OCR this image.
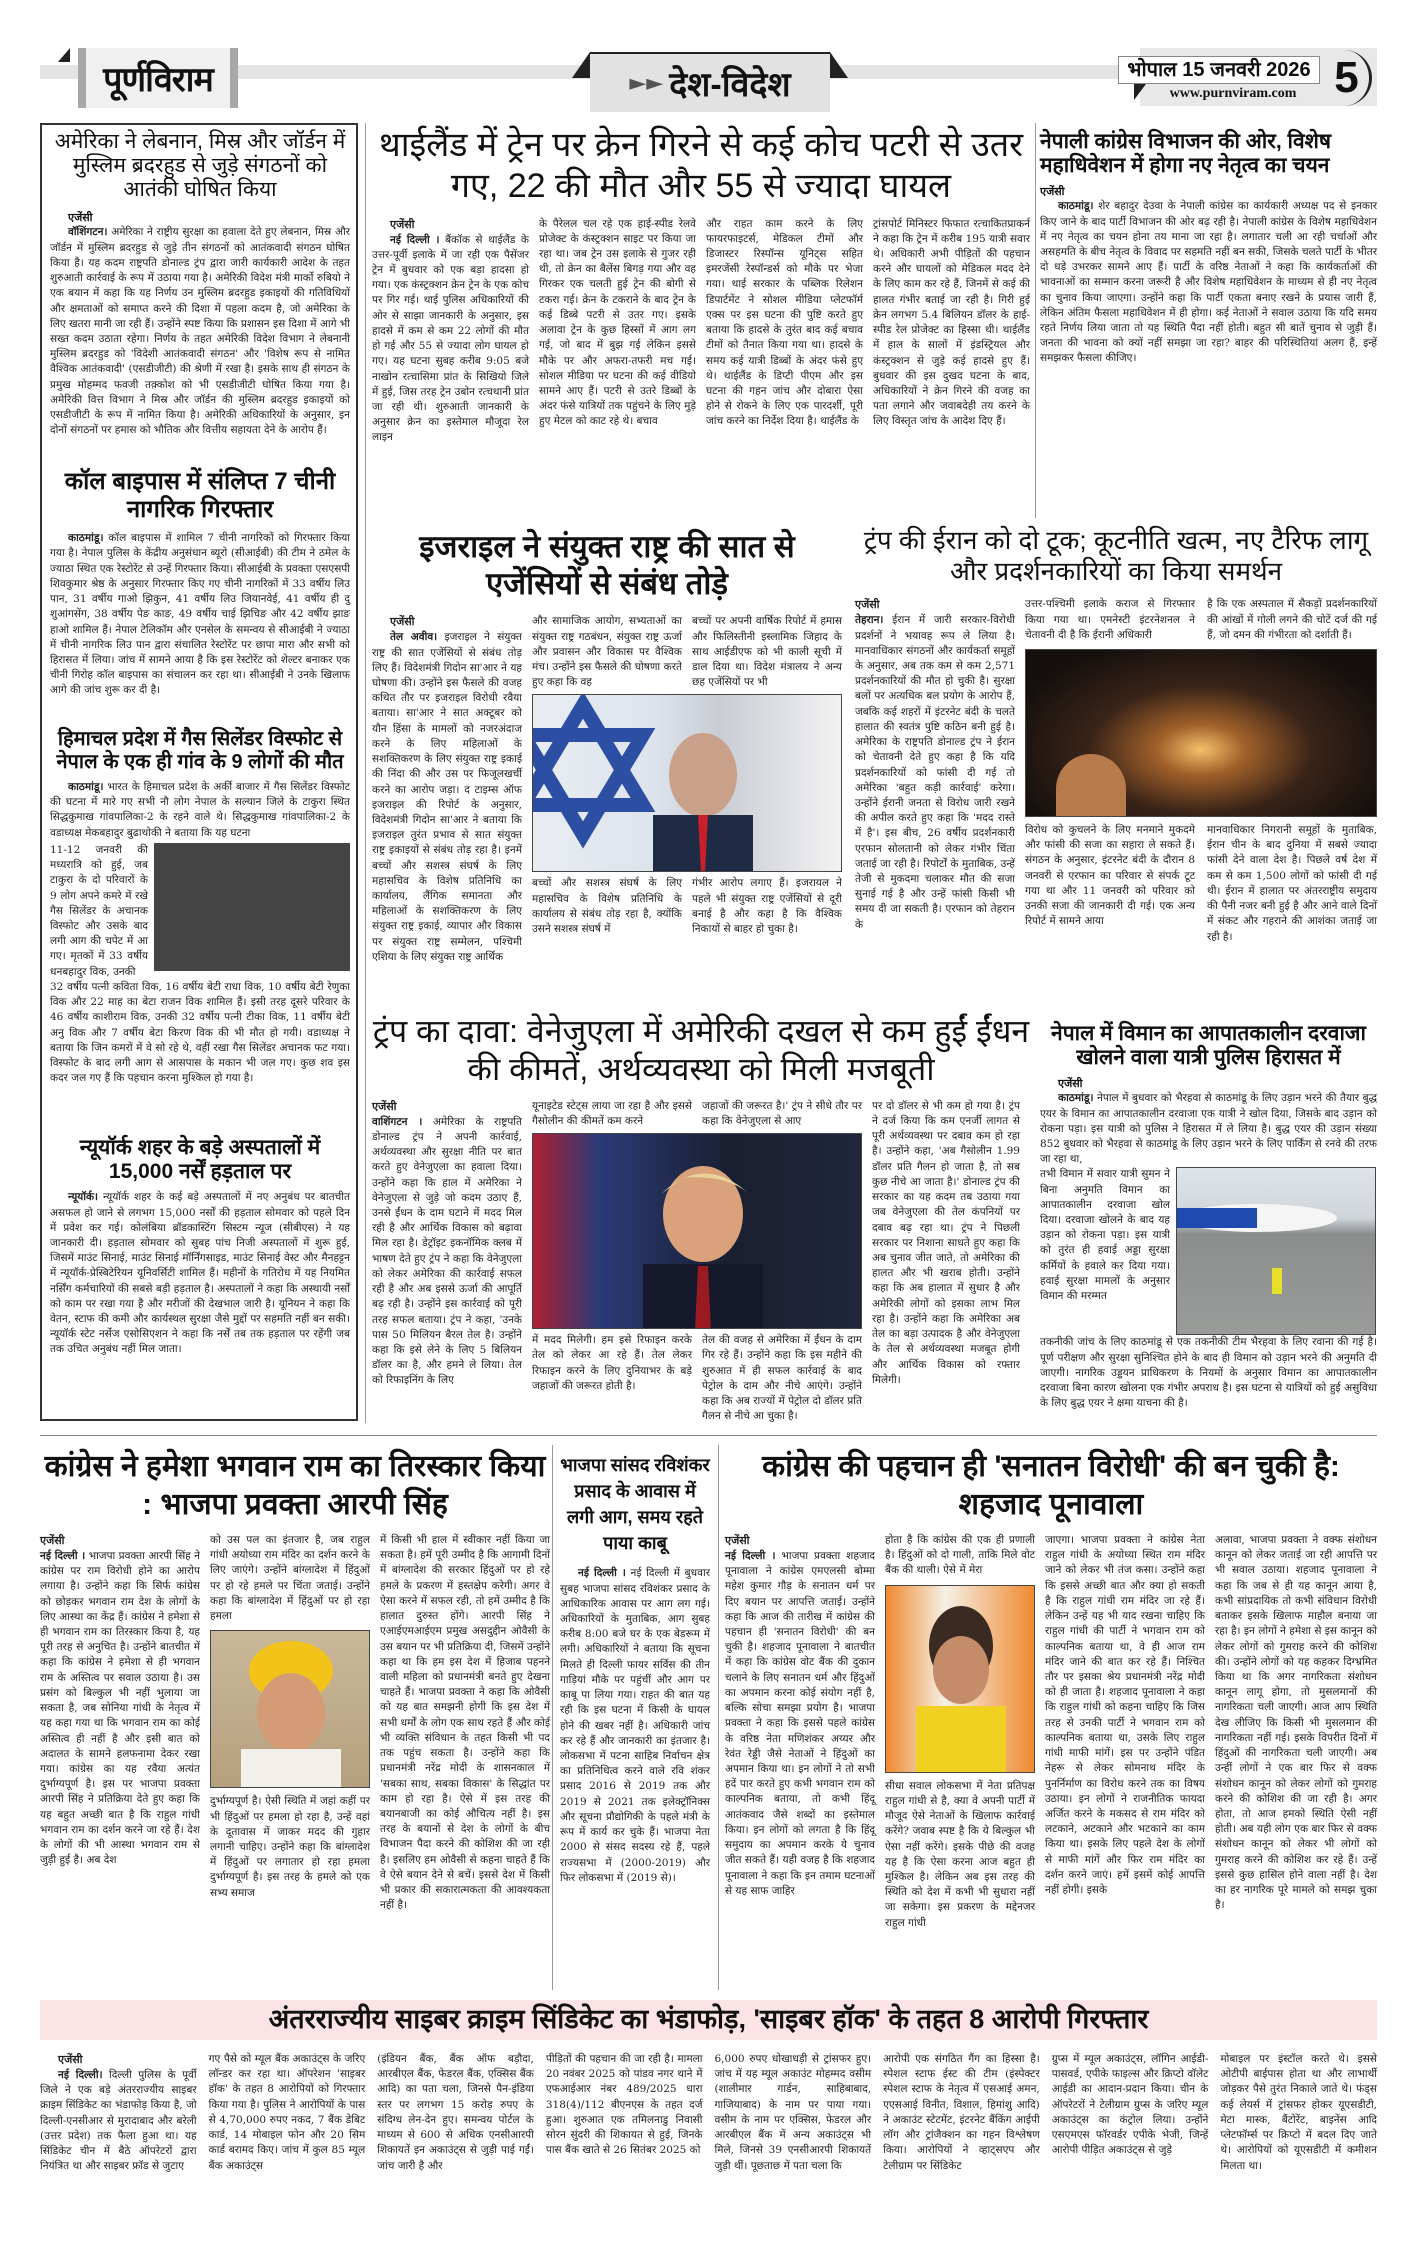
पूर्णविराम	►► देश-विदेश	भोपाल 15 जनवरी 2026
www.purnviram.com 5
अमेरिका ने लेबनान, मिस्र और जॉर्डन में मुस्लिम ब्रदरहुड से जुड़े संगठनों को आतंकी घोषित किया
एजेंसी
वॉशिंगटन। अमेरिका ने राष्ट्रीय सुरक्षा का हवाला देते हुए लेबनान, मिस्र और जॉर्डन में मुस्लिम ब्रदरहुड से जुड़े तीन संगठनों को आतंकवादी संगठन घोषित किया है। यह कदम राष्ट्रपति डोनाल्ड ट्रंप द्वारा जारी कार्यकारी आदेश के तहत शुरुआती कार्रवाई के रूप में उठाया गया है। अमेरिकी विदेश मंत्री मार्को रुबियो ने एक बयान में कहा कि यह निर्णय उन मुस्लिम ब्रदरहुड इकाइयों की गतिविधियों और क्षमताओं को समाप्त करने की दिशा में पहला कदम है, जो अमेरिका के लिए खतरा मानी जा रही हैं। उन्होंने स्पष्ट किया कि प्रशासन इस दिशा में आगे भी सख्त कदम उठाता रहेगा। निर्णय के तहत अमेरिकी विदेश विभाग ने लेबनानी मुस्लिम ब्रदरहुड को 'विदेशी आतंकवादी संगठन' और 'विशेष रूप से नामित वैश्विक आतंकवादी' (एसडीजीटी) की श्रेणी में रखा है। इसके साथ ही संगठन के प्रमुख मोहम्मद फवजी तक़्कोश को भी एसडीजीटी घोषित किया गया है। अमेरिकी वित्त विभाग ने मिस्र और जॉर्डन की मुस्लिम ब्रदरहुड इकाइयों को एसडीजीटी के रूप में नामित किया है। अमेरिकी अधिकारियों के अनुसार, इन दोनों संगठनों पर हमास को भौतिक और वित्तीय सहायता देने के आरोप हैं।
कॉल बाइपास में संलिप्त 7 चीनी नागरिक गिरफ्तार
काठमांडू। कॉल बाइपास में शामिल 7 चीनी नागरिकों को गिरफ्तार किया गया है। नेपाल पुलिस के केंद्रीय अनुसंधान ब्यूरो (सीआईबी) की टीम ने ठमेल के ज्याठा स्थित एक रेस्टोरेंट से उन्हें गिरफ्तार किया। सीआईबी के प्रवक्ता एसएसपी शिवकुमार श्रेष्ठ के अनुसार गिरफ्तार किए गए चीनी नागरिकों में 33 वर्षीय लिउ पान, 31 वर्षीय गाओ झिकुन, 41 वर्षीय लिउ जियानवेई, 41 वर्षीय ही दु शुआंगसेंग, 38 वर्षीय पेङ काङ, 49 वर्षीय चाई झिचिङ और 42 वर्षीय झाङ हाओ शामिल हैं। नेपाल टेलिकॉम और एनसेल के समन्वय से सीआईबी ने ज्याठा में चीनी नागरिक लिउ पान द्वारा संचालित रेस्टोरेंट पर छापा मारा और सभी को हिरासत में लिया। जांच में सामने आया है कि इस रेस्टोरेंट को शेल्टर बनाकर एक चीनी गिरोह कॉल बाइपास का संचालन कर रहा था। सीआईबी ने उनके खिलाफ आगे की जांच शुरू कर दी है।
हिमाचल प्रदेश में गैस सिलेंडर विस्फोट से नेपाल के एक ही गांव के 9 लोगों की मौत
काठमांडू। भारत के हिमाचल प्रदेश के अर्की बाजार में गैस सिलेंडर विस्फोट की घटना में मारे गए सभी नौ लोग नेपाल के सल्यान जिले के टाकुरा स्थित सिद्धकुमाख गांवपालिका-2 के रहने वाले थे। सिद्धकुमाख गांवपालिका-2 के वडाध्यक्ष मेकबहादुर बुढाथोकी ने बताया कि यह घटना
11-12 जनवरी की मध्यरात्रि को हुई, जब टाकुरा के दो परिवारों के 9 लोग अपने कमरे में रखे गैस सिलेंडर के अचानक विस्फोट और उसके बाद लगी आग की चपेट में आ गए। मृतकों में 33 वर्षीय धनबहादुर विक, उनकी
32 वर्षीय पत्नी कविता विक, 16 वर्षीय बेटी राधा विक, 10 वर्षीय बेटी रेणुका विक और 22 माह का बेटा राजन विक शामिल हैं। इसी तरह दूसरे परिवार के 46 वर्षीय काशीराम विक, उनकी 32 वर्षीय पत्नी टीका विक, 11 वर्षीय बेटी अनु विक और 7 वर्षीय बेटा किरण विक की भी मौत हो गयी। वडाध्यक्ष ने बताया कि जिन कमरों में वे सो रहे थे, वहीं रखा गैस सिलेंडर अचानक फट गया। विस्फोट के बाद लगी आग से आसपास के मकान भी जल गए। कुछ शव इस कदर जल गए हैं कि पहचान करना मुश्किल हो गया है।
न्यूयॉर्क शहर के बड़े अस्पतालों में 15,000 नर्सें हड़ताल पर
न्यूयॉर्क। न्यूयॉर्क शहर के कई बड़े अस्पतालों में नए अनुबंध पर बातचीत असफल हो जाने से लगभग 15,000 नर्सों की हड़ताल सोमवार को पहले दिन में प्रवेश कर गई। कोलंबिया ब्रॉडकास्टिंग सिस्टम न्यूज (सीबीएस) ने यह जानकारी दी। हड़ताल सोमवार को सुबह पांच निजी अस्पतालों में शुरू हुई, जिसमें माउंट सिनाई, माउंट सिनाई मॉर्निंगसाइड, माउंट सिनाई वेस्ट और मैनहट्टन में न्यूयॉर्क-प्रेस्बिटेरियन यूनिवर्सिटी शामिल हैं। महीनों के गतिरोध में यह नियमित नर्सिंग कर्मचारियों की सबसे बड़ी हड़ताल है। अस्पतालों ने कहा कि अस्थायी नर्सों को काम पर रखा गया है और मरीजों की देखभाल जारी है। यूनियन ने कहा कि वेतन, स्टाफ की कमी और कार्यस्थल सुरक्षा जैसे मुद्दों पर सहमति नहीं बन सकी। न्यूयॉर्क स्टेट नर्सेज एसोसिएशन ने कहा कि नर्सें तब तक हड़ताल पर रहेंगी जब तक उचित अनुबंध नहीं मिल जाता।
थाईलैंड में ट्रेन पर क्रेन गिरने से कई कोच पटरी से उतर गए, 22 की मौत और 55 से ज्यादा घायल
एजेंसी
नई दिल्ली । बैंकॉक से थाईलैंड के उत्तर-पूर्वी इलाके में जा रही एक पैसेंजर ट्रेन में बुधवार को एक बड़ा हादसा हो गया। एक कंस्ट्रक्शन क्रेन ट्रेन के एक कोच पर गिर गई। थाई पुलिस अधिकारियों की ओर से साझा जानकारी के अनुसार, इस हादसे में कम से कम 22 लोगों की मौत हो गई और 55 से ज्यादा लोग घायल हो गए। यह घटना सुबह करीब 9:05 बजे नाखोन रत्चासिमा प्रांत के सिखियो जिले में हुई, जिस तरह ट्रेन उबोन रत्चथानी प्रांत जा रही थी। शुरुआती जानकारी के अनुसार क्रेन का इस्तेमाल मौजूदा रेल लाइन
के पैरेलल चल रहे एक हाई-स्पीड रेलवे प्रोजेक्ट के कंस्ट्रक्शन साइट पर किया जा रहा था। जब ट्रेन उस इलाके से गुजर रही थी, तो क्रेन का बैलेंस बिगड़ गया और वह गिरकर एक चलती हुई ट्रेन की बोगी से टकरा गई। क्रेन के टकराने के बाद ट्रेन के कई डिब्बे पटरी से उतर गए। इसके अलावा ट्रेन के कुछ हिस्सों में आग लग गई, जो बाद में बुझ गई लेकिन इससे मौके पर और अफरा-तफरी मच गई। सोशल मीडिया पर घटना की कई वीडियो सामने आए हैं। पटरी से उतरे डिब्बों के अंदर फंसे यात्रियों तक पहुंचने के लिए मुड़े हुए मेटल को काट रहे थे। बचाव
और राहत काम करने के लिए फायरफाइटर्स, मेडिकल टीमों और डिजास्टर रिस्पॉन्स यूनिट्स सहित इमरजेंसी रेस्पॉन्डर्स को मौके पर भेजा गया। थाई सरकार के पब्लिक रिलेशन डिपार्टमेंट ने सोशल मीडिया प्लेटफॉर्म एक्स पर इस घटना की पुष्टि करते हुए बताया कि हादसे के तुरंत बाद कई बचाव टीमों को तैनात किया गया था। हादसे के समय कई यात्री डिब्बों के अंदर फंसे हुए थे। थाईलैंड के डिप्टी पीएम और इस घटना की गहन जांच और दोबारा ऐसा होने से रोकने के लिए एक पारदर्शी, पूरी जांच करने का निर्देश दिया है। थाईलैंड के
ट्रांसपोर्ट मिनिस्टर फिफात रत्चाकितप्राकर्न ने कहा कि ट्रेन में करीब 195 यात्री सवार थे। अधिकारी अभी पीड़ितों की पहचान करने और घायलों को मेडिकल मदद देने के लिए काम कर रहे हैं, जिनमें से कई की हालत गंभीर बताई जा रही है। गिरी हुई क्रेन लगभग 5.4 बिलियन डॉलर के हाई-स्पीड रेल प्रोजेक्ट का हिस्सा थी। थाईलैंड में हाल के सालों में इंडस्ट्रियल और कंस्ट्रक्शन से जुड़े कई हादसे हुए हैं। बुधवार की इस दुखद घटना के बाद, अधिकारियों ने क्रेन गिरने की वजह का पता लगाने और जवाबदेही तय करने के लिए विस्तृत जांच के आदेश दिए हैं।
नेपाली कांग्रेस विभाजन की ओर, विशेष महाधिवेशन में होगा नए नेतृत्व का चयन
एजेंसी
काठमांडू। शेर बहादुर देउवा के नेपाली कांग्रेस का कार्यकारी अध्यक्ष पद से इनकार किए जाने के बाद पार्टी विभाजन की ओर बढ़ रही है। नेपाली कांग्रेस के विशेष महाधिवेशन में नए नेतृत्व का चयन होना तय माना जा रहा है। लगातार चली आ रही चर्चाओं और असहमति के बीच नेतृत्व के विवाद पर सहमति नहीं बन सकी, जिसके चलते पार्टी के भीतर दो धड़े उभरकर सामने आए हैं। पार्टी के वरिष्ठ नेताओं ने कहा कि कार्यकर्ताओं की भावनाओं का सम्मान करना जरूरी है और विशेष महाधिवेशन के माध्यम से ही नए नेतृत्व का चुनाव किया जाएगा। उन्होंने कहा कि पार्टी एकता बनाए रखने के प्रयास जारी हैं, लेकिन अंतिम फैसला महाधिवेशन में ही होगा। कई नेताओं ने सवाल उठाया कि यदि समय रहते निर्णय लिया जाता तो यह स्थिति पैदा नहीं होती। बहुत सी बातें चुनाव से जुड़ी हैं। जनता की भावना को क्यों नहीं समझा जा रहा? बाहर की परिस्थितियां अलग हैं, इन्हें समझकर फैसला कीजिए।
इजराइल ने संयुक्त राष्ट्र की सात से एजेंसियों से संबंध तोड़े
एजेंसी
तेल अवीव। इजराइल ने संयुक्त राष्ट्र की सात एजेंसियों से संबंध तोड़ लिए हैं। विदेशमंत्री गिदोन सा'आर ने यह घोषणा की। उन्होंने इस फैसले की वजह कथित तौर पर इजराइल विरोधी रवैया बताया। सा'आर ने सात अक्टूबर को यौन हिंसा के मामलों को नजरअंदाज करने के लिए महिलाओं के सशक्तिकरण के लिए संयुक्त राष्ट्र इकाई की निंदा की और उस पर फिजूलखर्ची करने का आरोप जड़ा। द टाइम्स ऑफ इजराइल की रिपोर्ट के अनुसार, विदेशमंत्री गिदोन सा'आर ने बताया कि इजराइल तुरंत प्रभाव से सात संयुक्त राष्ट्र इकाइयों से संबंध तोड़ रहा है। इनमें बच्चों और सशस्त्र संघर्ष के लिए महासचिव के विशेष प्रतिनिधि का कार्यालय, लैंगिक समानता और महिलाओं के सशक्तिकरण के लिए संयुक्त राष्ट्र इकाई, व्यापार और विकास पर संयुक्त राष्ट्र सम्मेलन, पश्चिमी एशिया के लिए संयुक्त राष्ट्र आर्थिक
और सामाजिक आयोग, सभ्यताओं का संयुक्त राष्ट्र गठबंधन, संयुक्त राष्ट्र ऊर्जा और प्रवासन और विकास पर वैश्विक मंच। उन्होंने इस फैसले की घोषणा करते हुए कहा कि वह
बच्चों पर अपनी वार्षिक रिपोर्ट में हमास और फिलिस्तीनी इस्लामिक जिहाद के साथ आईडीएफ को भी काली सूची में डाल दिया था। विदेश मंत्रालय ने अन्य छह एजेंसियों पर भी
बच्चों और सशस्त्र संघर्ष के लिए महासचिव के विशेष प्रतिनिधि के कार्यालय से संबंध तोड़ रहा है, क्योंकि उसने सशस्त्र संघर्ष में
गंभीर आरोप लगाए हैं। इजरायल ने पहले भी संयुक्त राष्ट्र एजेंसियों से दूरी बनाई है और कहा है कि वैश्विक निकायों से बाहर हो चुका है।
ट्रंप की ईरान को दो टूक; कूटनीति खत्म, नए टैरिफ लागू और प्रदर्शनकारियों का किया समर्थन
एजेंसी
तेहरान। ईरान में जारी सरकार-विरोधी प्रदर्शनों ने भयावह रूप ले लिया है। मानवाधिकार संगठनों और कार्यकर्ता समूहों के अनुसार, अब तक कम से कम 2,571 प्रदर्शनकारियों की मौत हो चुकी है। सुरक्षा बलों पर अत्यधिक बल प्रयोग के आरोप हैं, जबकि कई शहरों में इंटरनेट बंदी के चलते हालात की स्वतंत्र पुष्टि कठिन बनी हुई है। अमेरिका के राष्ट्रपति डोनाल्ड ट्रंप ने ईरान को चेतावनी देते हुए कहा है कि यदि प्रदर्शनकारियों को फांसी दी गई तो अमेरिका 'बहुत कड़ी कार्रवाई' करेगा। उन्होंने ईरानी जनता से विरोध जारी रखने की अपील करते हुए कहा कि 'मदद रास्ते में है'। इस बीच, 26 वर्षीय प्रदर्शनकारी एरफान सोलतानी को लेकर गंभीर चिंता जताई जा रही है। रिपोर्टों के मुताबिक, उन्हें तेजी से मुकदमा चलाकर मौत की सजा सुनाई गई है और उन्हें फांसी किसी भी समय दी जा सकती है। एरफान को तेहरान के
उत्तर-पश्चिमी इलाके कराज से गिरफ्तार किया गया था। एमनेस्टी इंटरनेशनल ने चेतावनी दी है कि ईरानी अधिकारी
है कि एक अस्पताल में सैकड़ों प्रदर्शनकारियों की आंखों में गोली लगने की चोटें दर्ज की गई हैं, जो दमन की गंभीरता को दर्शाती हैं।
विरोध को कुचलने के लिए मनमाने मुकदमे और फांसी की सजा का सहारा ले सकते हैं। संगठन के अनुसार, इंटरनेट बंदी के दौरान 8 जनवरी से एरफान का परिवार से संपर्क टूट गया था और 11 जनवरी को परिवार को उनकी सजा की जानकारी दी गई। एक अन्य रिपोर्ट में सामने आया
मानवाधिकार निगरानी समूहों के मुताबिक, ईरान चीन के बाद दुनिया में सबसे ज्यादा फांसी देने वाला देश है। पिछले वर्ष देश में कम से कम 1,500 लोगों को फांसी दी गई थी। ईरान में हालात पर अंतरराष्ट्रीय समुदाय की पैनी नजर बनी हुई है और आने वाले दिनों में संकट और गहराने की आशंका जताई जा रही है।
ट्रंप का दावा: वेनेजुएला में अमेरिकी दखल से कम हुईं ईंधन की कीमतें, अर्थव्यवस्था को मिली मजबूती
एजेंसी
वाशिंगटन । अमेरिका के राष्ट्रपति डोनाल्ड ट्रंप ने अपनी कार्रवाई, अर्थव्यवस्था और सुरक्षा नीति पर बात करते हुए वेनेजुएला का हवाला दिया। उन्होंने कहा कि हाल में अमेरिका ने वेनेजुएला से जुड़े जो कदम उठाए हैं, उनसे ईंधन के दाम घटाने में मदद मिल रही है और आर्थिक विकास को बढ़ावा मिल रहा है। डेट्रॉइट इकनॉमिक क्लब में भाषण देते हुए ट्रंप ने कहा कि वेनेजुएला को लेकर अमेरिका की कार्रवाई सफल रही है और अब इससे ऊर्जा की आपूर्ति बढ़ रही है। उन्होंने इस कार्रवाई को पूरी तरह सफल बताया। ट्रंप ने कहा, 'उनके पास 50 मिलियन बैरल तेल है। उन्होंने कहा कि इसे लेने के लिए 5 बिलियन डॉलर का है, और हमने ले लिया। तेल को रिफाइनिंग के लिए
यूनाइटेड स्टेट्स लाया जा रहा है और इससे गैसोलीन की कीमतें कम करने
जहाजों की जरूरत है।' ट्रंप ने सीधे तौर पर कहा कि वेनेजुएला से आए
में मदद मिलेगी। हम इसे रिफाइन करके तेल को लेकर आ रहे हैं। तेल लेकर रिफाइन करने के लिए दुनियाभर के बड़े जहाजों की जरूरत होती है।
तेल की वजह से अमेरिका में ईंधन के दाम गिर रहे हैं। उन्होंने कहा कि इस महीने की शुरुआत में ही सफल कार्रवाई के बाद पेट्रोल के दाम और नीचे आएंगे। उन्होंने कहा कि अब राज्यों में पेट्रोल दो डॉलर प्रति गैलन से नीचे आ चुका है।
पर दो डॉलर से भी कम हो गया है। ट्रंप ने दर्ज किया कि कम एनर्जी लागत से पूरी अर्थव्यवस्था पर दबाव कम हो रहा है। उन्होंने कहा, 'अब गैसोलीन 1.99 डॉलर प्रति गैलन हो जाता है, तो सब कुछ नीचे आ जाता है।' डोनाल्ड ट्रंप की सरकार का यह कदम तब उठाया गया जब वेनेजुएला की तेल कंपनियों पर दबाव बढ़ रहा था। ट्रंप ने पिछली सरकार पर निशाना साधते हुए कहा कि अब चुनाव जीत जाते, तो अमेरिका की हालत और भी खराब होती। उन्होंने कहा कि अब हालात में सुधार है और अमेरिकी लोगों को इसका लाभ मिल रहा है। उन्होंने कहा कि अमेरिका अब तेल का बड़ा उत्पादक है और वेनेजुएला के तेल से अर्थव्यवस्था मजबूत होगी और आर्थिक विकास को रफ्तार मिलेगी।
नेपाल में विमान का आपातकालीन दरवाजा खोलने वाला यात्री पुलिस हिरासत में
एजेंसी
काठमांडू। नेपाल में बुधवार को भैरहवा से काठमांडू के लिए उड़ान भरने की तैयार बुद्ध एयर के विमान का आपातकालीन दरवाजा एक यात्री ने खोल दिया, जिसके बाद उड़ान को रोकना पड़ा। इस यात्री को पुलिस ने हिरासत में ले लिया है। बुद्ध एयर की उड़ान संख्या 852 बुधवार को भैरहवा से काठमांडू के लिए उड़ान भरने के लिए पार्किंग से रनवे की तरफ जा रहा था,
तभी विमान में सवार यात्री सुमन ने बिना अनुमति विमान का आपातकालीन दरवाजा खोल दिया। दरवाजा खोलने के बाद यह उड़ान को रोकना पड़ा। इस यात्री को तुरंत ही हवाई अड्डा सुरक्षा कर्मियों के हवाले कर दिया गया। हवाई सुरक्षा मामलों के अनुसार विमान की मरम्मत
तकनीकी जांच के लिए काठमांडू से एक तकनीकी टीम भैरहवा के लिए रवाना की गई है। पूर्ण परीक्षण और सुरक्षा सुनिश्चित होने के बाद ही विमान को उड़ान भरने की अनुमति दी जाएगी। नागरिक उड्डयन प्राधिकरण के नियमों के अनुसार विमान का आपातकालीन दरवाजा बिना कारण खोलना एक गंभीर अपराध है। इस घटना से यात्रियों को हुई असुविधा के लिए बुद्ध एयर ने क्षमा याचना की है।
कांग्रेस ने हमेशा भगवान राम का तिरस्कार किया : भाजपा प्रवक्ता आरपी सिंह
एजेंसी
नई दिल्ली । भाजपा प्रवक्ता आरपी सिंह ने कांग्रेस पर राम विरोधी होने का आरोप लगाया है। उन्होंने कहा कि सिर्फ कांग्रेस को छोड़कर भगवान राम देश के लोगों के लिए आस्था का केंद्र हैं। कांग्रेस ने हमेशा से ही भगवान राम का तिरस्कार किया है, यह पूरी तरह से अनुचित है। उन्होंने बातचीत में कहा कि कांग्रेस ने हमेशा से ही भगवान राम के अस्तित्व पर सवाल उठाया है। उस प्रसंग को बिल्कुल भी नहीं भुलाया जा सकता है, जब सोनिया गांधी के नेतृत्व में यह कहा गया था कि भगवान राम का कोई अस्तित्व ही नहीं है और इसी बात को अदालत के सामने हलफनामा देकर रखा गया। कांग्रेस का यह रवैया अत्यंत दुर्भाग्यपूर्ण है। इस पर भाजपा प्रवक्ता आरपी सिंह ने प्रतिक्रिया देते हुए कहा कि यह बहुत अच्छी बात है कि राहुल गांधी भगवान राम का दर्शन करने जा रहे हैं। देश के लोगों की भी आस्था भगवान राम से जुड़ी हुई है। अब देश
को उस पल का इंतजार है, जब राहुल गांधी अयोध्या राम मंदिर का दर्शन करने के लिए जाएंगे। उन्होंने बांग्लादेश में हिंदुओं पर हो रहे हमले पर चिंता जताई। उन्होंने कहा कि बांग्लादेश में हिंदुओं पर हो रहा हमला
दुर्भाग्यपूर्ण है। ऐसी स्थिति में जहां कहीं पर भी हिंदुओं पर हमला हो रहा है, उन्हें वहां के दूतावास में जाकर मदद की गुहार लगानी चाहिए। उन्होंने कहा कि बांग्लादेश में हिंदुओं पर लगातार हो रहा हमला दुर्भाग्यपूर्ण है। इस तरह के हमले को एक सभ्य समाज
में किसी भी हाल में स्वीकार नहीं किया जा सकता है। हमें पूरी उम्मीद है कि आगामी दिनों में बांग्लादेश की सरकार हिंदुओं पर हो रहे हमले के प्रकरण में हस्तक्षेप करेगी। अगर वे ऐसा करने में सफल रही, तो हमें उम्मीद है कि हालात दुरुस्त होंगे। आरपी सिंह ने एआईएमआईएम प्रमुख असदुद्दीन ओवैसी के उस बयान पर भी प्रतिक्रिया दी, जिसमें उन्होंने कहा था कि हम इस देश में हिजाब पहनने वाली महिला को प्रधानमंत्री बनते हुए देखना चाहते हैं। भाजपा प्रवक्ता ने कहा कि ओवैसी को यह बात समझनी होगी कि इस देश में सभी धर्मों के लोग एक साथ रहते हैं और कोई भी व्यक्ति संविधान के तहत किसी भी पद तक पहुंच सकता है। उन्होंने कहा कि प्रधानमंत्री नरेंद्र मोदी के शासनकाल में 'सबका साथ, सबका विकास' के सिद्धांत पर काम हो रहा है। ऐसे में इस तरह की बयानबाजी का कोई औचित्य नहीं है। इस तरह के बयानों से देश के लोगों के बीच विभाजन पैदा करने की कोशिश की जा रही है। इसलिए हम ओवैसी से कहना चाहते हैं कि वे ऐसे बयान देने से बचें। इससे देश में किसी भी प्रकार की सकारात्मकता की आवश्यकता नहीं है।
भाजपा सांसद रविशंकर प्रसाद के आवास में लगी आग, समय रहते पाया काबू
नई दिल्ली । नई दिल्ली में बुधवार सुबह भाजपा सांसद रविशंकर प्रसाद के आधिकारिक आवास पर आग लग गई। अधिकारियों के मुताबिक, आग सुबह करीब 8:00 बजे घर के एक बेडरूम में लगी। अधिकारियों ने बताया कि सूचना मिलते ही दिल्ली फायर सर्विस की तीन गाड़ियां मौके पर पहुंचीं और आग पर काबू पा लिया गया। राहत की बात यह रही कि इस घटना में किसी के घायल होने की खबर नहीं है। अधिकारी जांच कर रहे हैं और जानकारी का इंतजार है। लोकसभा में पटना साहिब निर्वाचन क्षेत्र का प्रतिनिधित्व करने वाले रवि शंकर प्रसाद 2016 से 2019 तक और 2019 से 2021 तक इलेक्ट्रॉनिक्स और सूचना प्रौद्योगिकी के पहले मंत्री के रूप में कार्य कर चुके हैं। भाजपा नेता 2000 से संसद सदस्य रहे हैं, पहले राज्यसभा में (2000-2019) और फिर लोकसभा में (2019 से)।
कांग्रेस की पहचान ही 'सनातन विरोधी' की बन चुकी है: शहजाद पूनावाला
एजेंसी
नई दिल्ली । भाजपा प्रवक्ता शहजाद पूनावाला ने कांग्रेस एमएलसी बोम्मा महेश कुमार गौड़ के सनातन धर्म पर दिए बयान पर आपत्ति जताई। उन्होंने कहा कि आज की तारीख में कांग्रेस की पहचान ही 'सनातन विरोधी' की बन चुकी है। शहजाद पूनावाला ने बातचीत में कहा कि कांग्रेस वोट बैंक की दुकान चलाने के लिए सनातन धर्म और हिंदुओं का अपमान करना कोई संयोग नहीं है, बल्कि सोचा समझा प्रयोग है। भाजपा प्रवक्ता ने कहा कि इससे पहले कांग्रेस के वरिष्ठ नेता मणिशंकर अय्यर और रेवंत रेड्डी जैसे नेताओं ने हिंदुओं का अपमान किया था। इन लोगों ने तो सभी हदें पार करते हुए कभी भगवान राम को काल्पनिक बताया, तो कभी हिंदू आतंकवाद जैसे शब्दों का इस्तेमाल किया। इन लोगों को लगता है कि हिंदू समुदाय का अपमान करके ये चुनाव जीत सकते हैं। यही वजह है कि शहजाद पूनावाला ने कहा कि इन तमाम घटनाओं से यह साफ जाहिर
होता है कि कांग्रेस की एक ही प्रणाली है। हिंदुओं को दो गाली, ताकि मिले वोट बैंक की थाली। ऐसे में मेरा
सीधा सवाल लोकसभा में नेता प्रतिपक्ष राहुल गांधी से है, क्या वे अपनी पार्टी में मौजूद ऐसे नेताओं के खिलाफ कार्रवाई करेंगे? जवाब स्पष्ट है कि ये बिल्कुल भी ऐसा नहीं करेंगे। इसके पीछे की वजह यह है कि ऐसा करना आज बहुत ही मुश्किल है। लेकिन अब इस तरह की स्थिति को देश में कभी भी सुधारा नहीं जा सकेगा। इस प्रकरण के मद्देनजर राहुल गांधी
जाएगा। भाजपा प्रवक्ता ने कांग्रेस नेता राहुल गांधी के अयोध्या स्थित राम मंदिर जाने को लेकर भी तंज कसा। उन्होंने कहा कि इससे अच्छी बात और क्या हो सकती है कि राहुल गांधी राम मंदिर जा रहे हैं। लेकिन उन्हें यह भी याद रखना चाहिए कि राहुल गांधी की पार्टी ने भगवान राम को काल्पनिक बताया था, वे ही आज राम मंदिर जाने की बात कर रहे हैं। निश्चित तौर पर इसका श्रेय प्रधानमंत्री नरेंद्र मोदी को ही जाता है। शहजाद पूनावाला ने कहा कि राहुल गांधी को कहना चाहिए कि जिस तरह से उनकी पार्टी ने भगवान राम को काल्पनिक बताया था, उसके लिए राहुल गांधी माफी मांगें। इस पर उन्होंने पंडित नेहरू से लेकर सोमनाथ मंदिर के पुनर्निर्माण का विरोध करने तक का विषय उठाया। इन लोगों ने राजनीतिक फायदा अर्जित करने के मकसद से राम मंदिर को लटकाने, अटकाने और भटकाने का काम किया था। इसके लिए पहले देश के लोगों से माफी मांगें और फिर राम मंदिर का दर्शन करने जाएं। हमें इसमें कोई आपत्ति नहीं होगी। इसके
अलावा, भाजपा प्रवक्ता ने वक्फ संशोधन कानून को लेकर जताई जा रही आपत्ति पर भी सवाल उठाया। शहजाद पूनावाला ने कहा कि जब से ही यह कानून आया है, कभी सांप्रदायिक तो कभी संविधान विरोधी बताकर इसके खिलाफ माहौल बनाया जा रहा है। इन लोगों ने हमेशा से इस कानून को लेकर लोगों को गुमराह करने की कोशिश की। उन्होंने लोगों को यह कहकर दिग्भ्रमित किया था कि अगर नागरिकता संशोधन कानून लागू होगा, तो मुसलमानों की नागरिकता चली जाएगी। आज आप स्थिति देख लीजिए कि किसी भी मुसलमान की नागरिकता नहीं गई। इसके विपरीत दिनों में हिंदुओं की नागरिकता चली जाएगी। अब उन्हीं लोगों ने एक बार फिर से वक्फ संशोधन कानून को लेकर लोगों को गुमराह करने की कोशिश की जा रही है। अगर होता, तो आज हमको स्थिति ऐसी नहीं होती। अब यही लोग एक बार फिर से वक्फ संशोधन कानून को लेकर भी लोगों को गुमराह करने की कोशिश कर रहे हैं। उन्हें इससे कुछ हासिल होने वाला नहीं है। देश का हर नागरिक पूरे मामले को समझ चुका है।
अंतरराज्यीय साइबर क्राइम सिंडिकेट का भंडाफोड़, 'साइबर हॉक' के तहत 8 आरोपी गिरफ्तार
एजेंसी
नई दिल्ली। दिल्ली पुलिस के पूर्वी जिले ने एक बड़े अंतरराज्यीय साइबर क्राइम सिंडिकेट का भंडाफोड़ किया है, जो दिल्ली-एनसीआर से मुरादाबाद और बरेली (उत्तर प्रदेश) तक फैला हुआ था। यह सिंडिकेट चीन में बैठे ऑपरेटरों द्वारा नियंत्रित था और साइबर फ्रॉड से जुटाए
गए पैसे को म्यूल बैंक अकाउंट्स के जरिए लॉन्डर कर रहा था। ऑपरेशन 'साइबर हॉक' के तहत 8 आरोपियों को गिरफ्तार किया गया है। पुलिस ने आरोपियों के पास से 4,70,000 रुपए नकद, 7 बैंक डेबिट कार्ड, 14 मोबाइल फोन और 20 सिम कार्ड बरामद किए। जांच में कुल 85 म्यूल बैंक अकाउंट्स
(इंडियन बैंक, बैंक ऑफ बड़ौदा, आरबीएल बैंक, फेडरल बैंक, एक्सिस बैंक आदि) का पता चला, जिनसे पैन-इंडिया स्तर पर लगभग 15 करोड़ रुपए के संदिग्ध लेन-देन हुए। समन्वय पोर्टल के माध्यम से 600 से अधिक एनसीआरपी शिकायतें इन अकाउंट्स से जुड़ी पाई गईं। जांच जारी है और
पीड़ितों की पहचान की जा रही है। मामला 20 नवंबर 2025 को पांडव नगर थाने में एफआईआर नंबर 489/2025 धारा 318(4)/112 बीएनएस के तहत दर्ज हुआ। शुरुआत एक तमिलनाडु निवासी सोरन सुंदरी की शिकायत से हुई, जिनके पास बैंक खाते से 26 सितंबर 2025 को
6,000 रुपए धोखाधड़ी से ट्रांसफर हुए। जांच में यह म्यूल अकाउंट मोहम्मद वसीम (शालीमार गार्डन, साहिबाबाद, गाजियाबाद) के नाम पर पाया गया। वसीम के नाम पर एक्सिस, फेडरल और आरबीएल बैंक में अन्य अकाउंट्स भी मिले, जिनसे 39 एनसीआरपी शिकायतें जुड़ी थीं। पूछताछ में पता चला कि
आरोपी एक संगठित गैंग का हिस्सा है। स्पेशल स्टाफ ईस्ट की टीम (इंस्पेक्टर स्पेशल स्टाफ के नेतृत्व में एसआई अमन, एएसआई विनीत, विशाल, हिमांशु आदि) ने अकाउंट स्टेटमेंट, इंटरनेट बैंकिंग आईपी लॉग और ट्रांजैक्शन का गहन विश्लेषण किया। आरोपियों ने व्हाट्सएप और टेलीग्राम पर सिंडिकेट
ग्रुप्स में म्यूल अकाउंट्स, लॉगिन आईडी-पासवर्ड, एपीके फाइल्स और क्रिप्टो वॉलेट आईडी का आदान-प्रदान किया। चीन के ऑपरेटरों ने टेलीग्राम ग्रुप्स के जरिए म्यूल अकाउंट्स का कंट्रोल लिया। उन्होंने एसएमएस फॉरवर्डर एपीके भेजी, जिन्हें आरोपी पीड़ित अकाउंट्स से जुड़े
मोबाइल पर इंस्टॉल करते थे। इससे ओटीपी बाईपास होता था और लाभार्थी जोड़कर पैसे तुरंत निकाले जाते थे। फंड्स कई लेयर्स में ट्रांसफर होकर यूएसडीटी, मेटा मास्क, बैंटोरेंट, बाइनेंस आदि प्लेटफॉर्म्स पर क्रिप्टो में बदल दिए जाते थे। आरोपियों को यूएसडीटी में कमीशन मिलता था।
